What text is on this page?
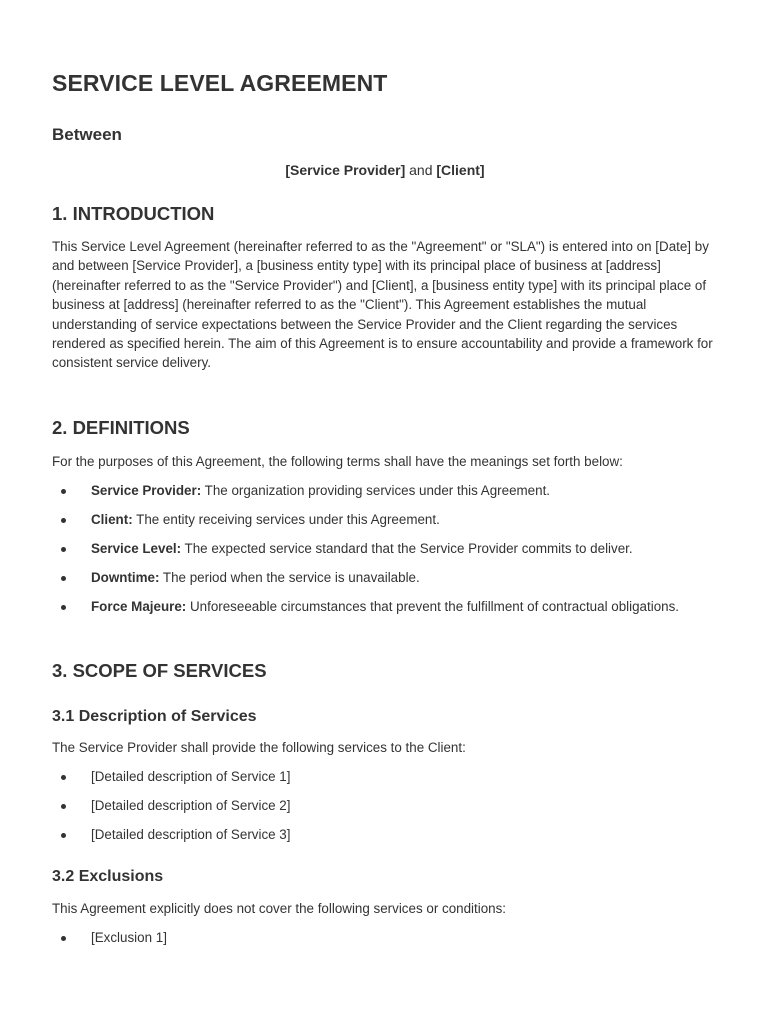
SERVICE LEVEL AGREEMENT
Between
[Service Provider] and [Client]
1. INTRODUCTION

This Service Level Agreement (hereinafter referred to as the "Agreement" or "SLA") is entered into on [Date] by and between [Service Provider], a [business entity type] with its principal place of business at [address] (hereinafter referred to as the "Service Provider") and [Client], a [business entity type] with its principal place of business at [address] (hereinafter referred to as the "Client"). This Agreement establishes the mutual understanding of service expectations between the Service Provider and the Client regarding the services rendered as specified herein. The aim of this Agreement is to ensure accountability and provide a framework for consistent service delivery.

2. DEFINITIONS

For the purposes of this Agreement, the following terms shall have the meanings set forth below:

Service Provider: The organization providing services under this Agreement.
Client: The entity receiving services under this Agreement.
Service Level: The expected service standard that the Service Provider commits to deliver.
Downtime: The period when the service is unavailable.
Force Majeure: Unforeseeable circumstances that prevent the fulfillment of contractual obligations.
3. SCOPE OF SERVICES
3.1 Description of Services

The Service Provider shall provide the following services to the Client:

[Detailed description of Service 1]
[Detailed description of Service 2]
[Detailed description of Service 3]
3.2 Exclusions

This Agreement explicitly does not cover the following services or conditions:

[Exclusion 1]
